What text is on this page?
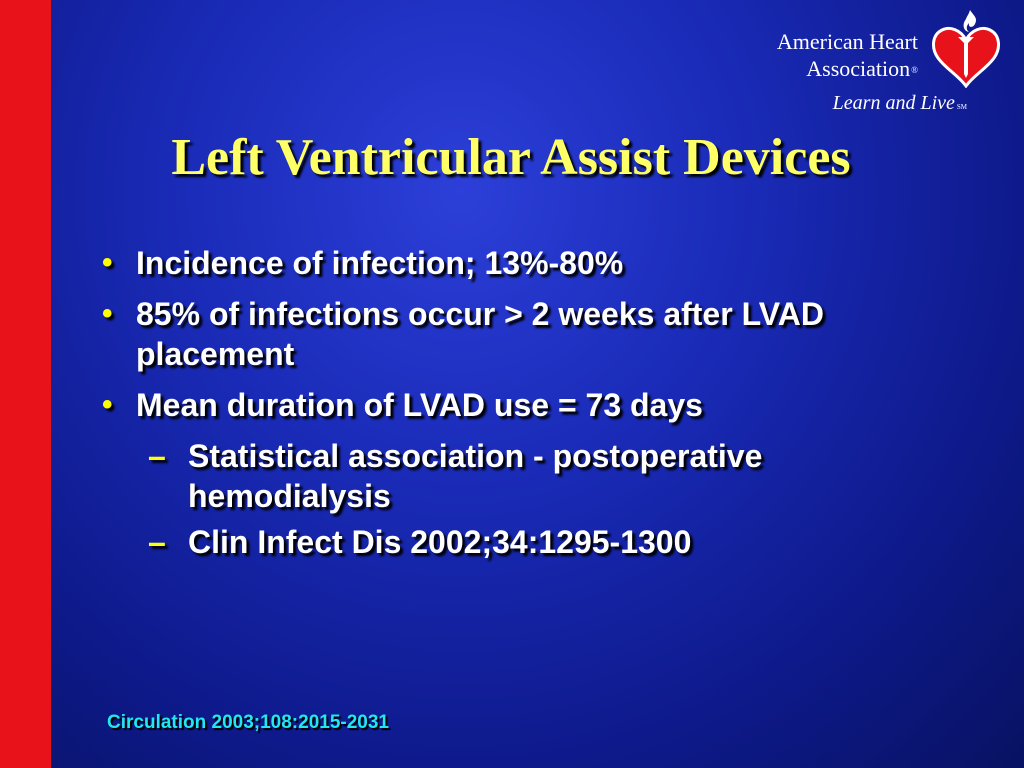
American Heart
Association®
Learn and Live SM
Left Ventricular Assist Devices
• Incidence of infection; 13%-80%
• 85% of infections occur > 2 weeks after LVAD placement
• Mean duration of LVAD use = 73 days
– Statistical association - postoperative hemodialysis
– Clin Infect Dis 2002;34:1295-1300
Circulation 2003;108:2015-2031
